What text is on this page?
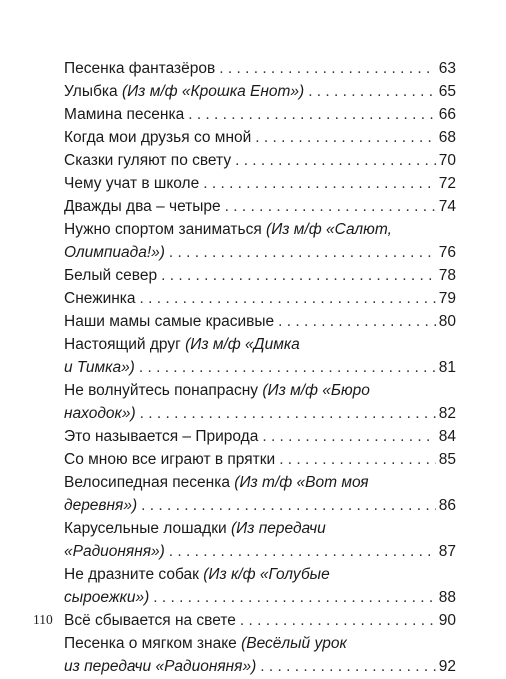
Песенка фантазёров . . .	63
Улыбка (Из м/ф «Крошка Енот») . . .	65
Мамина песенка . . .	66
Когда мои друзья со мной . . .	68
Сказки гуляют по свету . . .	70
Чему учат в школе . . .	72
Дважды два – четыре . . .	74
Нужно спортом заниматься (Из м/ф «Салют,
Олимпиада!») . . .	76
Белый север . . .	78
Снежинка . . .	79
Наши мамы самые красивые . . .	80
Настоящий друг (Из м/ф «Димка
и Тимка») . . .	81
Не волнуйтесь понапрасну (Из м/ф «Бюро
находок») . . .	82
Это называется – Природа . . .	84
Со мною все играют в прятки . . .	85
Велосипедная песенка (Из т/ф «Вот моя
деревня») . . .	86
Карусельные лошадки (Из передачи
«Радионяня») . . .	87
Не дразните собак (Из к/ф «Голубые
сыроежки») . . .	88
Всё сбывается на свете . . .	90
Песенка о мягком знаке (Весёлый урок
из передачи «Радионяня») . . .	92
110
